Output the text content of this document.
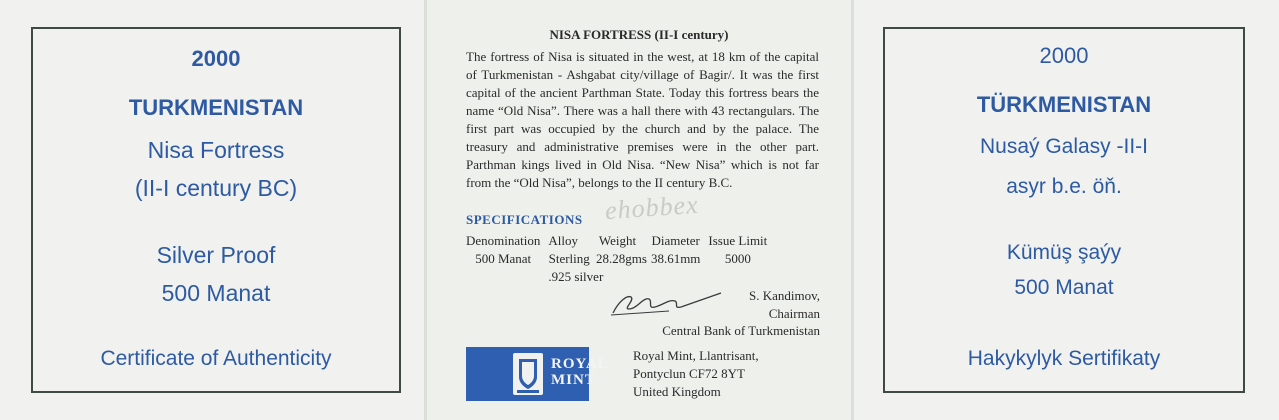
2000
TURKMENISTAN
Nisa Fortress
(II-I century BC)
Silver Proof
500 Manat
Certificate of Authenticity
NISA FORTRESS (II-I century)
The fortress of Nisa is situated in the west, at 18 km of the capital of Turkmenistan - Ashgabat city/village of Bagir/. It was the first capital of the ancient Parthman State. Today this fortress bears the name “Old Nisa”. There was a hall there with 43 rectangulars. The first part was occupied by the church and by the palace. The treasury and administrative premises were in the other part. Parthman kings lived in Old Nisa. “New Nisa” which is not far from the “Old Nisa”, belongs to the II century B.C.
ehobbex
SPECIFICATIONS
Denomination	Alloy	Weight	Diameter	Issue Limit
500 Manat	Sterling	28.28gms	38.61mm	5000
	.925 silver			
S. Kandimov,
Chairman
Central Bank of Turkmenistan
ROYAL
MINT
Royal Mint, Llantrisant,
Pontyclun CF72 8YT
United Kingdom
2000
TÜRKMENISTAN
Nusaý Galasy -II-I
asyr b.e. öň.
Kümüş şaýy
500 Manat
Hakykylyk Sertifikaty
